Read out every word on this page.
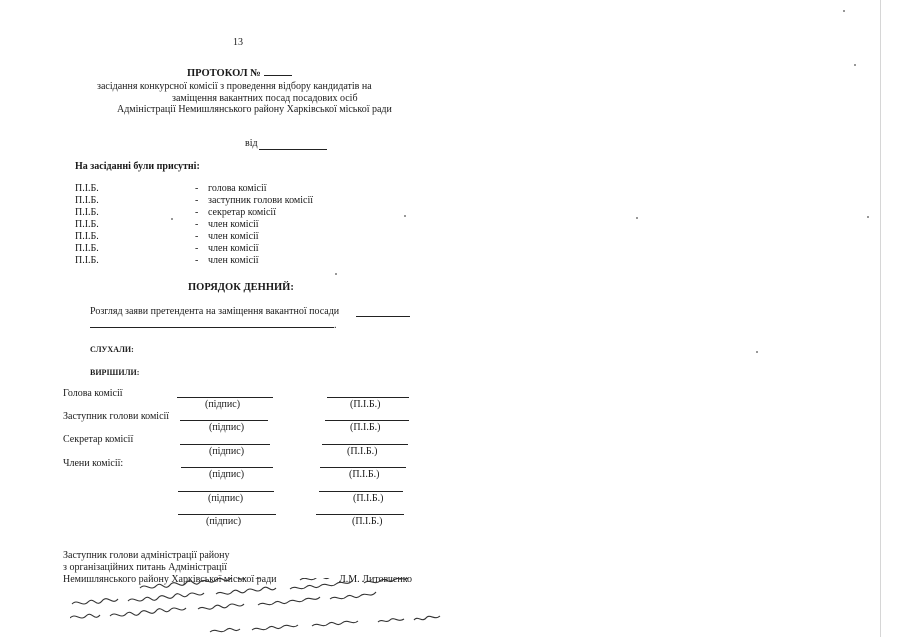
13
ПРОТОКОЛ №
засідання конкурсної комісії з проведення відбору кандидатів на
заміщення вакантних посад посадових осіб
Адміністрації Немишлянського району Харківської міської ради
від
На засіданні були присутні:
П.І.Б.	- голова комісії
П.І.Б.	- заступник голови комісії
П.І.Б.	- секретар комісії
П.І.Б.	- член комісії
П.І.Б.	- член комісії
П.І.Б.	- член комісії
П.І.Б.	- член комісії
ПОРЯДОК ДЕННИЙ:
Розгляд заяви претендента на заміщення вакантної посади
.
СЛУХАЛИ:
ВИРІШИЛИ:
Голова комісії
(підпис)	(П.І.Б.)
Заступник голови комісії
(підпис)	(П.І.Б.)
Секретар комісії
(підпис)	(П.І.Б.)
Члени комісії:
(підпис)	(П.І.Б.)
(підпис)	(П.І.Б.)
(підпис)	(П.І.Б.)
Заступник голови адміністрації району
з організаційних питань Адміністрації
Немишлянського району Харківської міської ради	Л.М. Литовченко
